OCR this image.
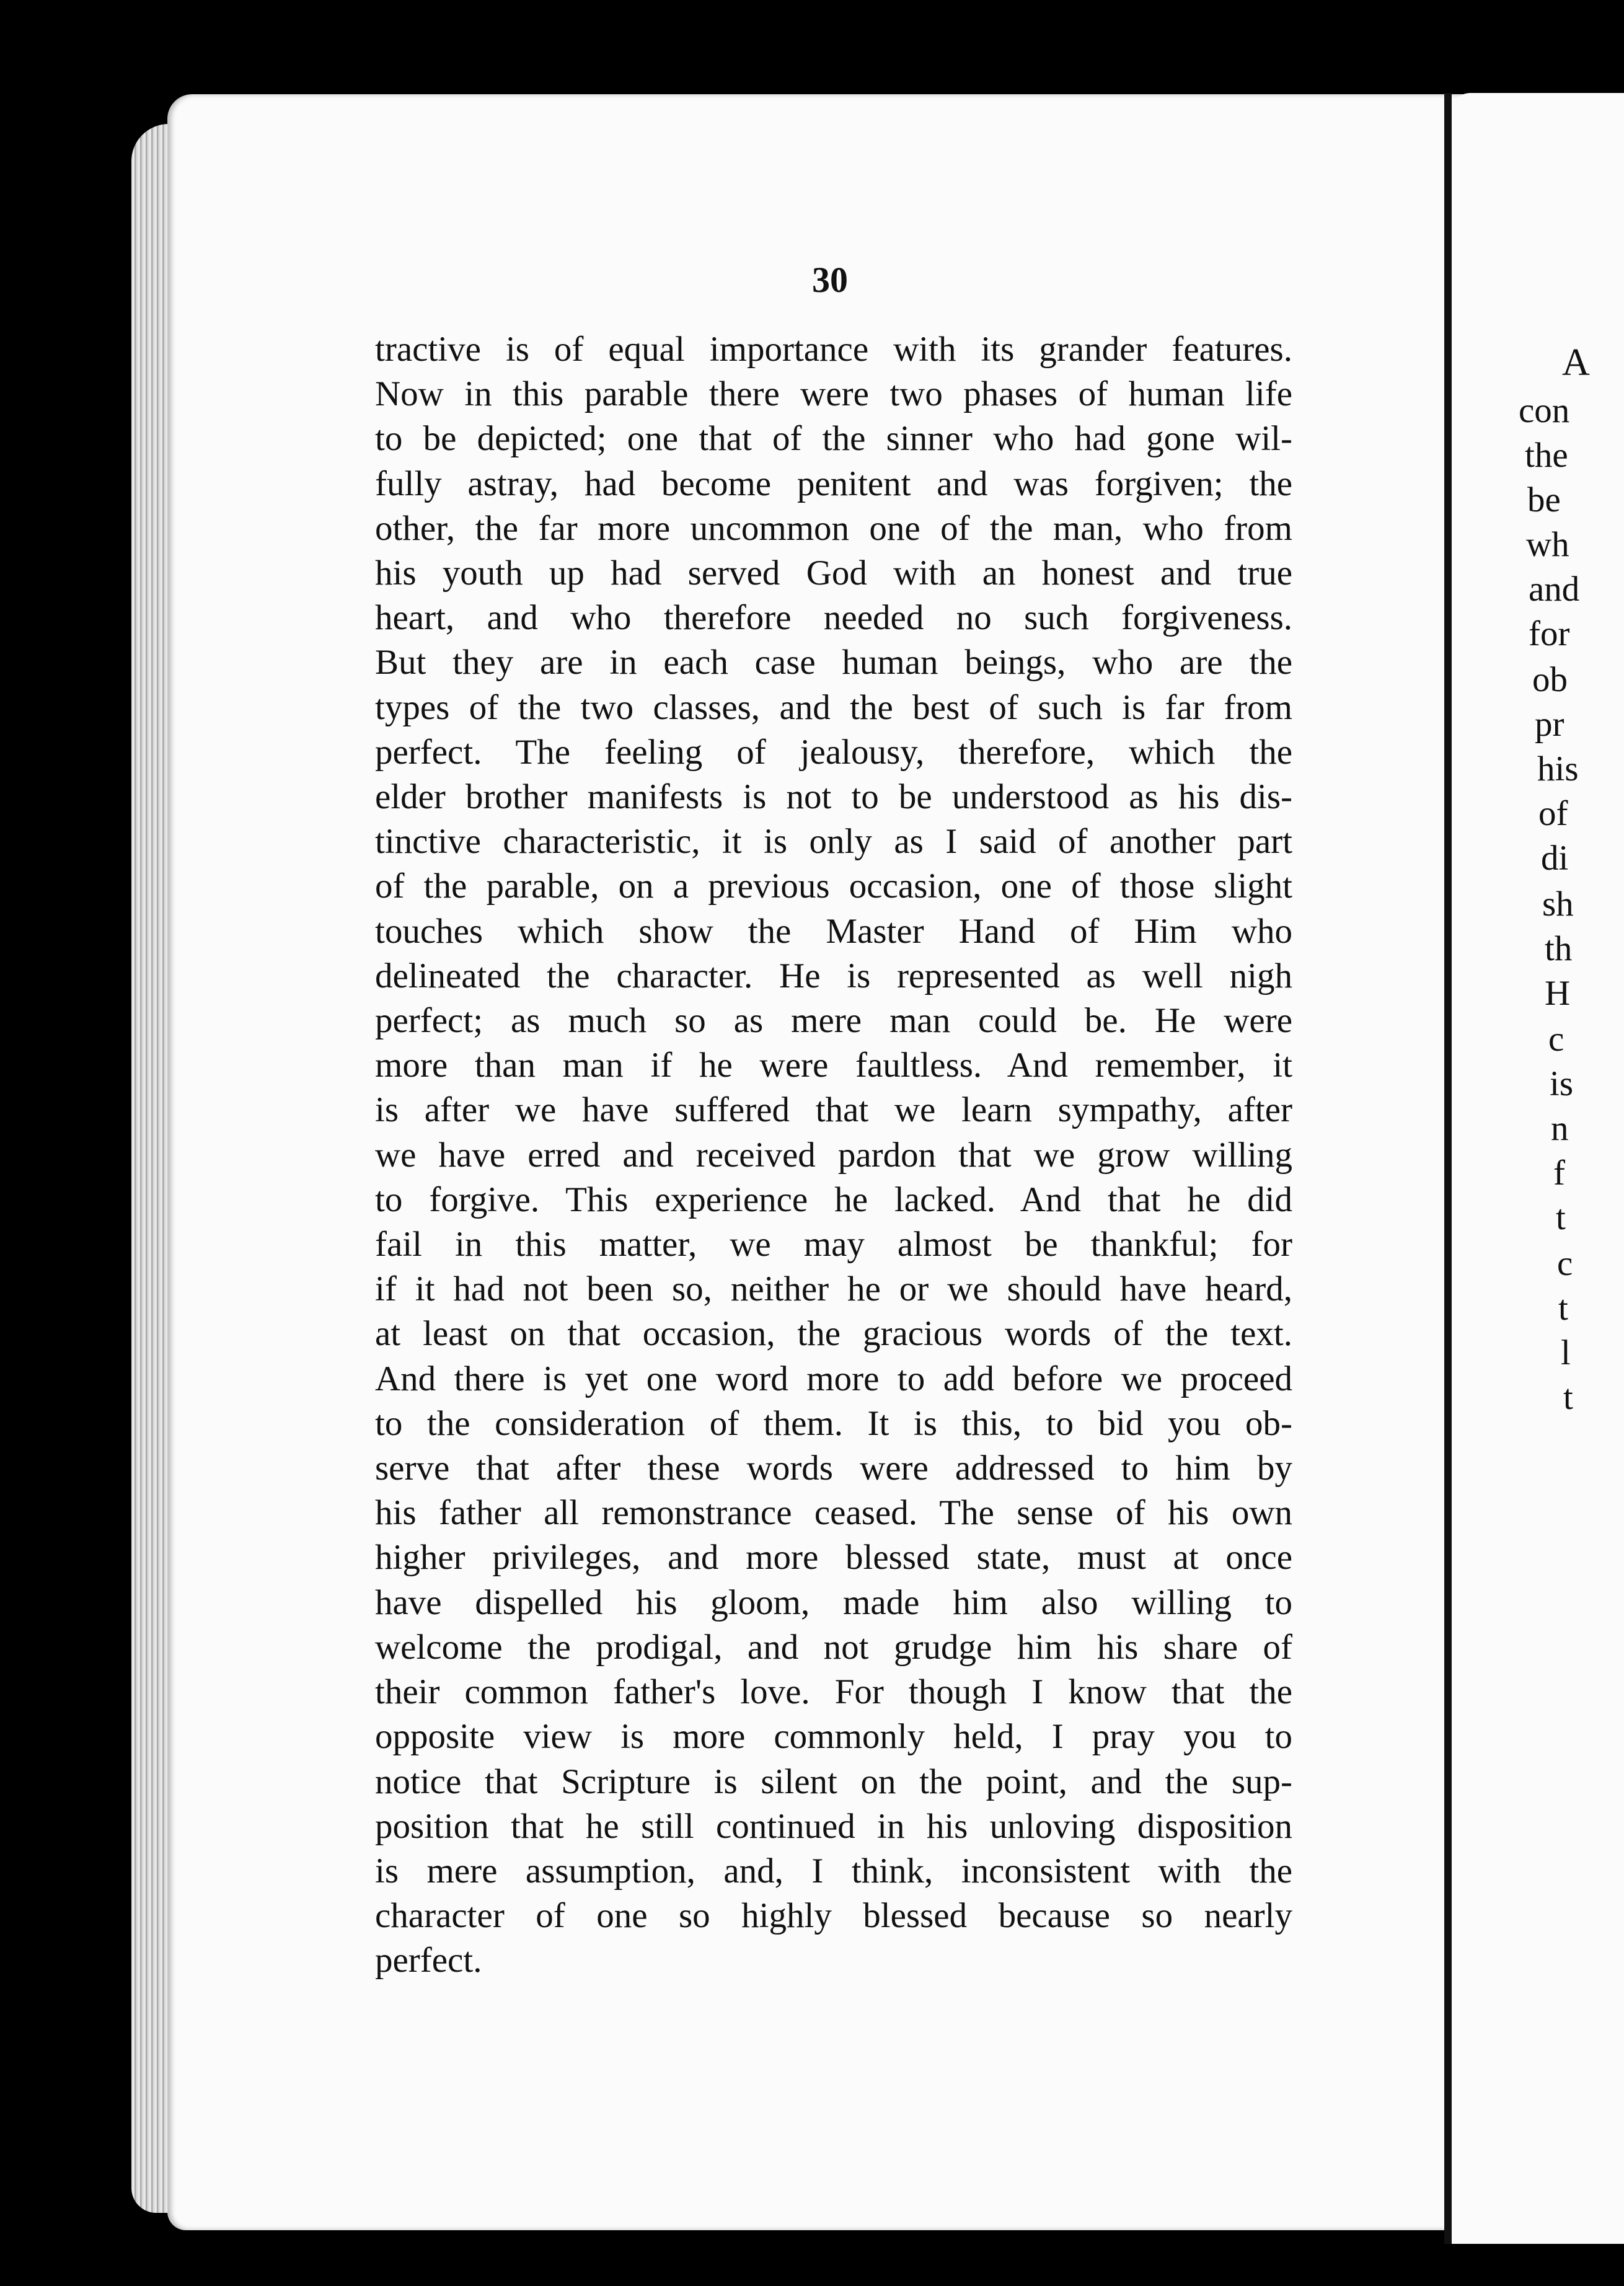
30
tractive is of equal importance with its grander features.
Now in this parable there were two phases of human life
to be depicted; one that of the sinner who had gone wil-
fully astray, had become penitent and was forgiven; the
other, the far more uncommon one of the man, who from
his youth up had served God with an honest and true
heart, and who therefore needed no such forgiveness.
But they are in each case human beings, who are the
types of the two classes, and the best of such is far from
perfect. The feeling of jealousy, therefore, which the
elder brother manifests is not to be understood as his dis-
tinctive characteristic, it is only as I said of another part
of the parable, on a previous occasion, one of those slight
touches which show the Master Hand of Him who
delineated the character. He is represented as well nigh
perfect; as much so as mere man could be. He were
more than man if he were faultless. And remember, it
is after we have suffered that we learn sympathy, after
we have erred and received pardon that we grow willing
to forgive. This experience he lacked. And that he did
fail in this matter, we may almost be thankful; for
if it had not been so, neither he or we should have heard,
at least on that occasion, the gracious words of the text.
And there is yet one word more to add before we proceed
to the consideration of them. It is this, to bid you ob-
serve that after these words were addressed to him by
his father all remonstrance ceased. The sense of his own
higher privileges, and more blessed state, must at once
have dispelled his gloom, made him also willing to
welcome the prodigal, and not grudge him his share of
their common father's love. For though I know that the
opposite view is more commonly held, I pray you to
notice that Scripture is silent on the point, and the sup-
position that he still continued in his unloving disposition
is mere assumption, and, I think, inconsistent with the
character of one so highly blessed because so nearly
perfect.
A
con
the
be
wh
and
for
ob
pr
his
of
di
sh
th
H
c
is
n
f
t
c
t
l
t
